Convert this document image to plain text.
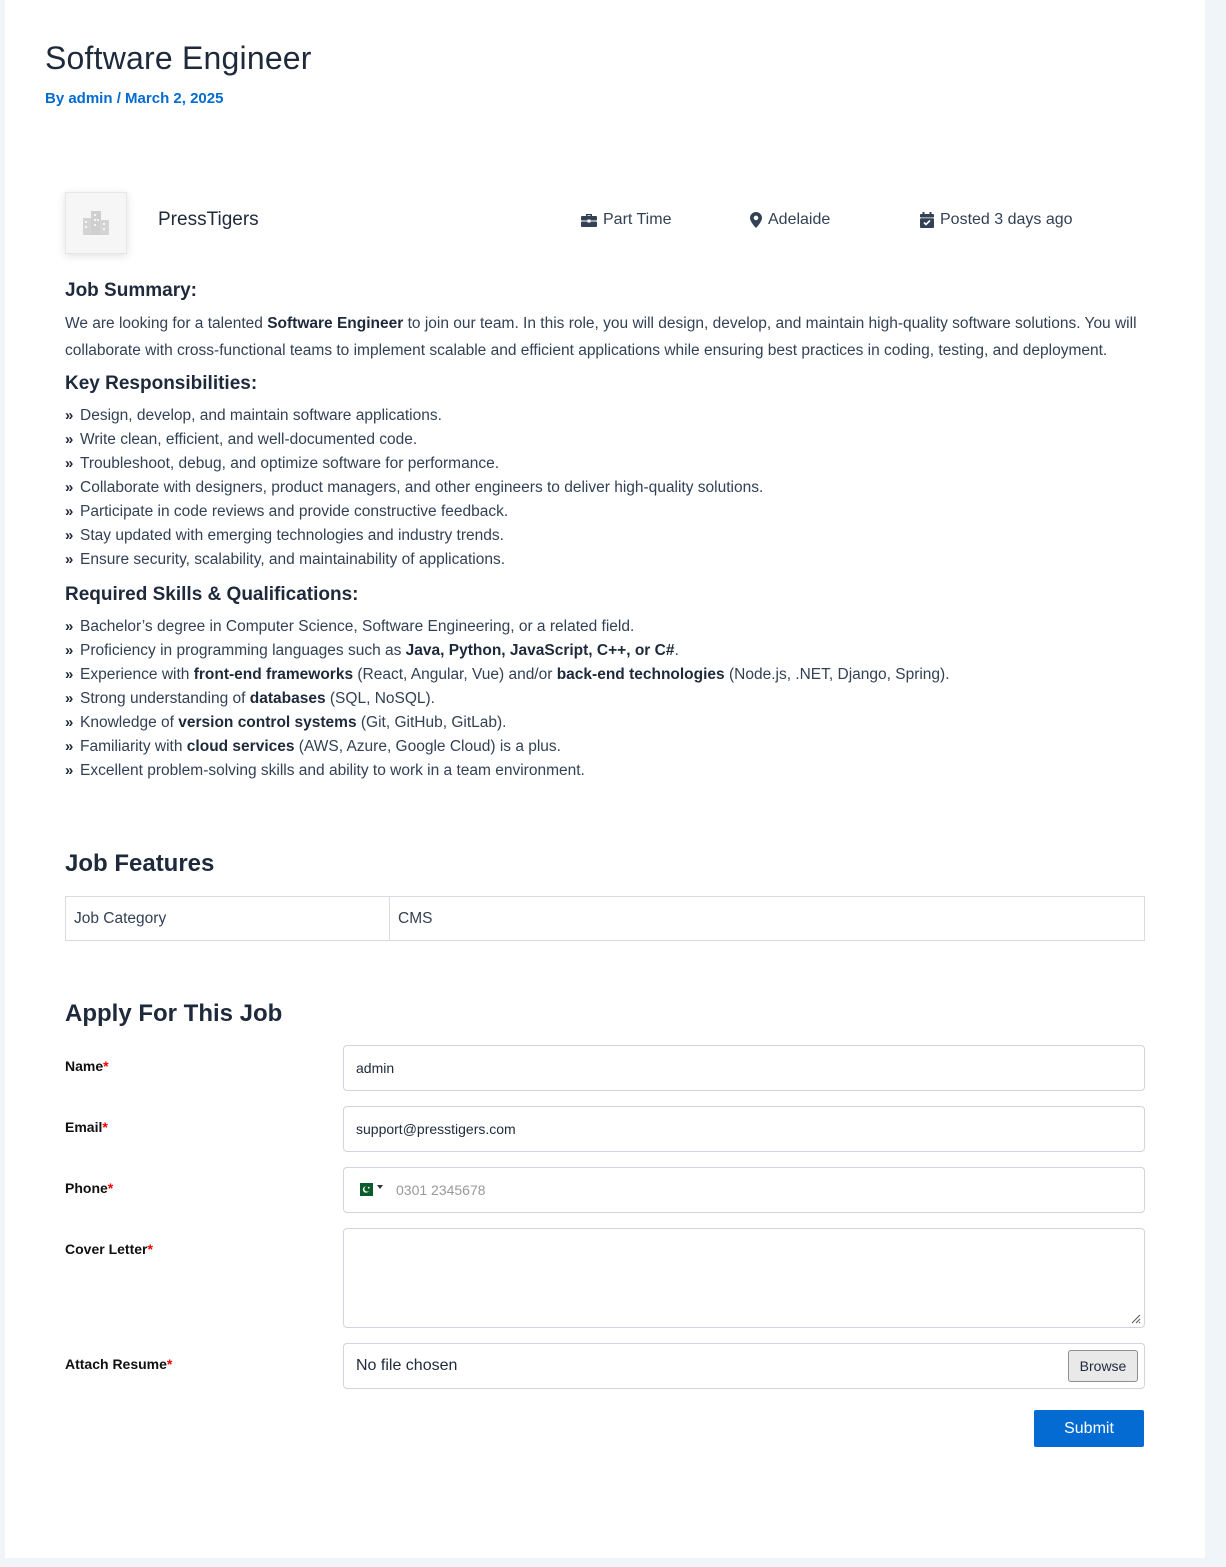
Software Engineer
By admin / March 2, 2025
PressTigers	Part Time	Adelaide	Posted 3 days ago
Job Summary:

We are looking for a talented Software Engineer to join our team. In this role, you will design, develop, and maintain high-quality software solutions. You will collaborate with cross-functional teams to implement scalable and efficient applications while ensuring best practices in coding, testing, and deployment.

Key Responsibilities:
» Design, develop, and maintain software applications.
» Write clean, efficient, and well-documented code.
» Troubleshoot, debug, and optimize software for performance.
» Collaborate with designers, product managers, and other engineers to deliver high-quality solutions.
» Participate in code reviews and provide constructive feedback.
» Stay updated with emerging technologies and industry trends.
» Ensure security, scalability, and maintainability of applications.
Required Skills & Qualifications:
» Bachelor’s degree in Computer Science, Software Engineering, or a related field.
» Proficiency in programming languages such as Java, Python, JavaScript, C++, or C#.
» Experience with front-end frameworks (React, Angular, Vue) and/or back-end technologies (Node.js, .NET, Django, Spring).
» Strong understanding of databases (SQL, NoSQL).
» Knowledge of version control systems (Git, GitHub, GitLab).
» Familiarity with cloud services (AWS, Azure, Google Cloud) is a plus.
» Excellent problem-solving skills and ability to work in a team environment.
Job Features
Job Category	CMS
Apply For This Job
Name*
admin
Email*
support@presstigers.com
Phone*
0301 2345678
Cover Letter*
Attach Resume*	No file chosen	Browse
Submit
